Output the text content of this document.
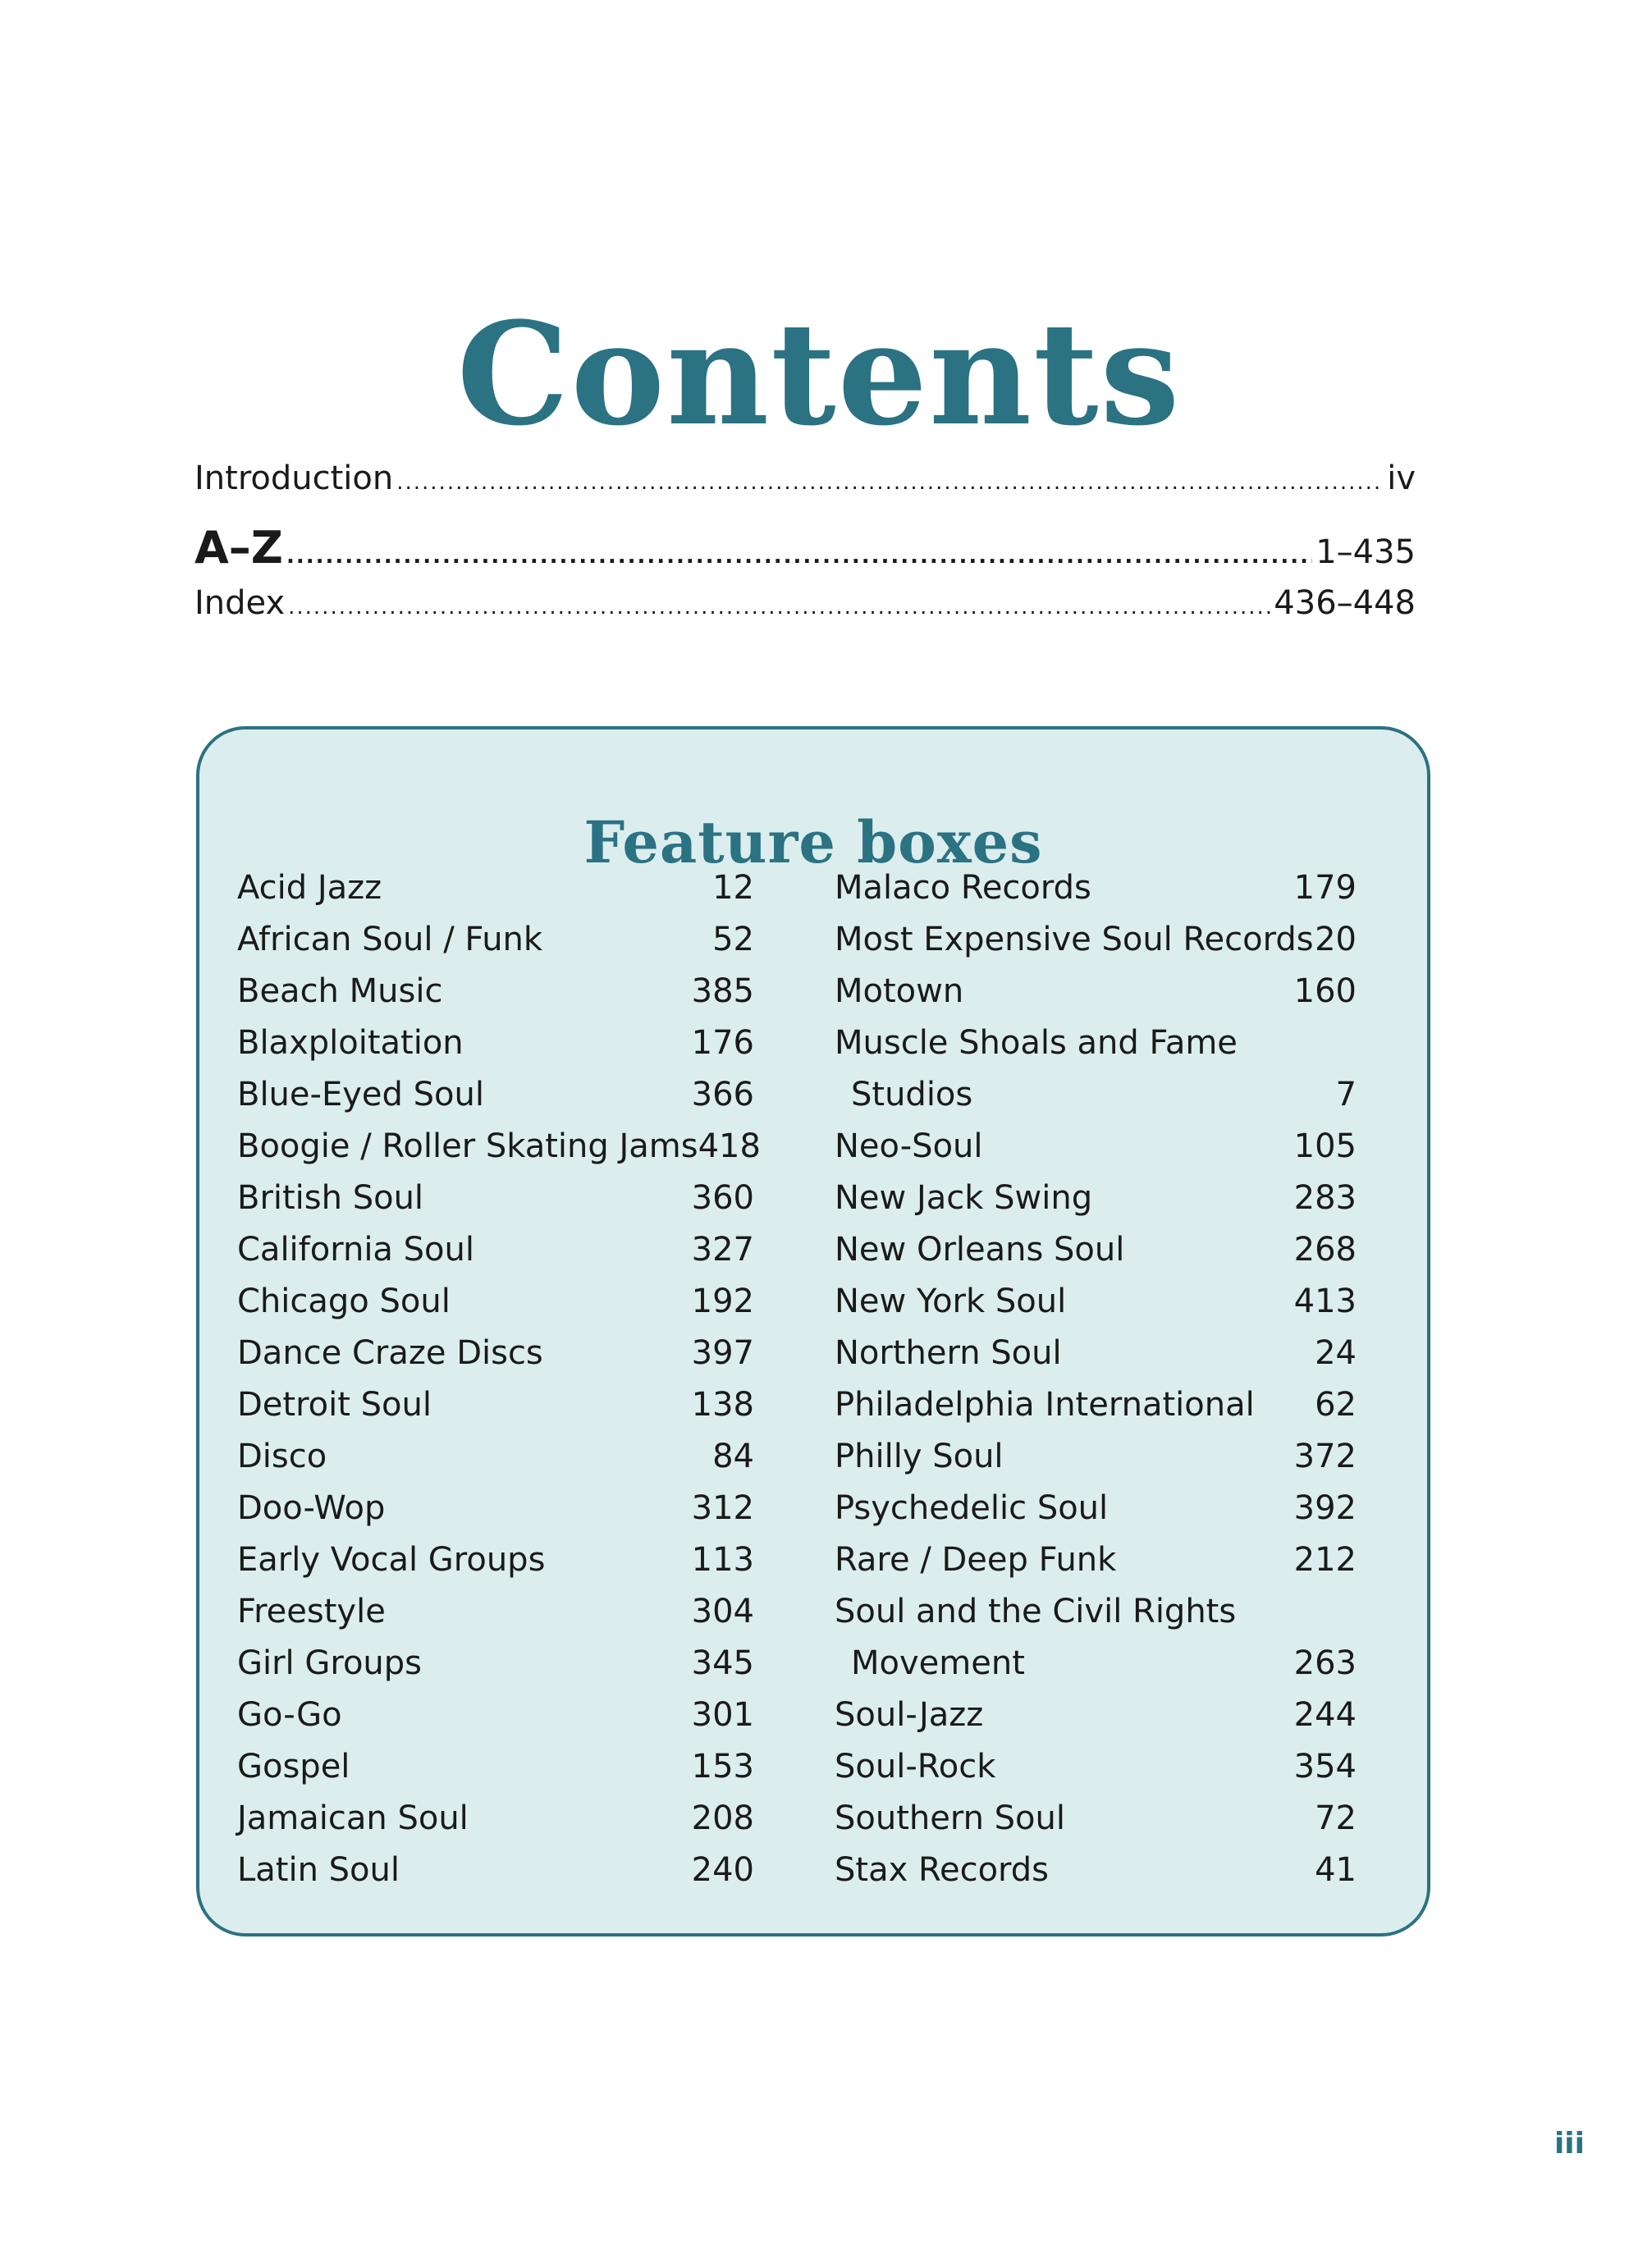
Contents
Introduction .....	iv
A–Z .....	1–435
Index .....	436–448
Feature boxes
Acid Jazz	12
African Soul / Funk	52
Beach Music	385
Blaxploitation	176
Blue-Eyed Soul	366
Boogie / Roller Skating Jams 418
British Soul	360
California Soul	327
Chicago Soul	192
Dance Craze Discs	397
Detroit Soul	138
Disco	84
Doo-Wop	312
Early Vocal Groups	113
Freestyle	304
Girl Groups	345
Go-Go	301
Gospel	153
Jamaican Soul	208
Latin Soul	240
Malaco Records	179
Most Expensive Soul Records 20
Motown	160
Muscle Shoals and Fame
Studios	7
Neo-Soul	105
New Jack Swing	283
New Orleans Soul	268
New York Soul	413
Northern Soul	24
Philadelphia International 62
Philly Soul	372
Psychedelic Soul	392
Rare / Deep Funk	212
Soul and the Civil Rights
Movement	263
Soul-Jazz	244
Soul-Rock	354
Southern Soul	72
Stax Records	41
iii
